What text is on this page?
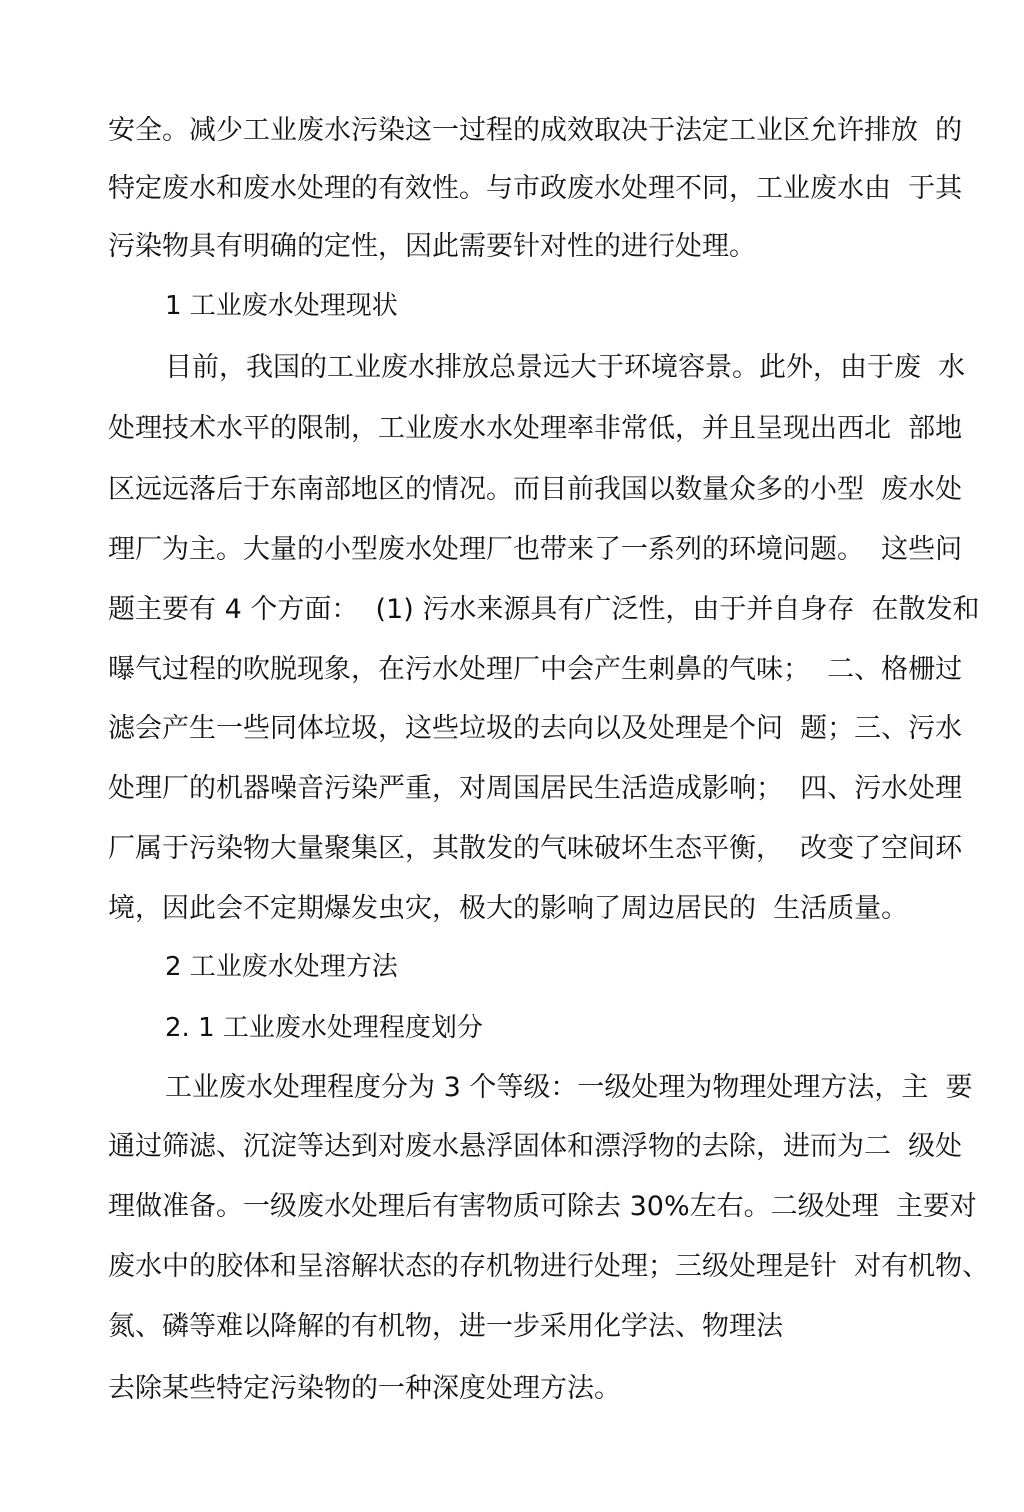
安全。减少工业废水污染这一过程的成效取决于法定工业区允许排放  的
特定废水和废水处理的有效性。与市政废水处理不同，工业废水由  于其
污染物具有明确的定性，因此需要针对性的进行处理。
1 工业废水处理现状
目前，我国的工业废水排放总景远大于环境容景。此外，由于废  水
处理技术水平的限制，工业废水水处理率非常低，并且呈现出西北  部地
区远远落后于东南部地区的情况。而目前我国以数量众多的小型  废水处
理厂为主。大量的小型废水处理厂也带来了一系列的环境问题。  这些问
题主要有 4 个方面：  (1) 污水来源具有广泛性，由于并自身存  在散发和
曝气过程的吹脱现象，在污水处理厂中会产生刺鼻的气味；  二、格栅过
滤会产生一些同体垃圾，这些垃圾的去向以及处理是个问  题；三、污水
处理厂的机器噪音污染严重，对周国居民生活造成影响；  四、污水处理
厂属于污染物大量聚集区，其散发的气味破坏生态平衡，  改变了空间环
境，因此会不定期爆发虫灾，极大的影响了周边居民的  生活质量。
2 工业废水处理方法
2. 1 工业废水处理程度划分
工业废水处理程度分为 3 个等级：一级处理为物理处理方法，主  要
通过筛滤、沉淀等达到对废水悬浮固体和漂浮物的去除，进而为二  级处
理做准备。一级废水处理后有害物质可除去 30%左右。二级处理  主要对
废水中的胶体和呈溶解状态的存机物进行处理；三级处理是针  对有机物、
氮、磷等难以降解的有机物，进一步采用化学法、物理法
去除某些特定污染物的一种深度处理方法。
